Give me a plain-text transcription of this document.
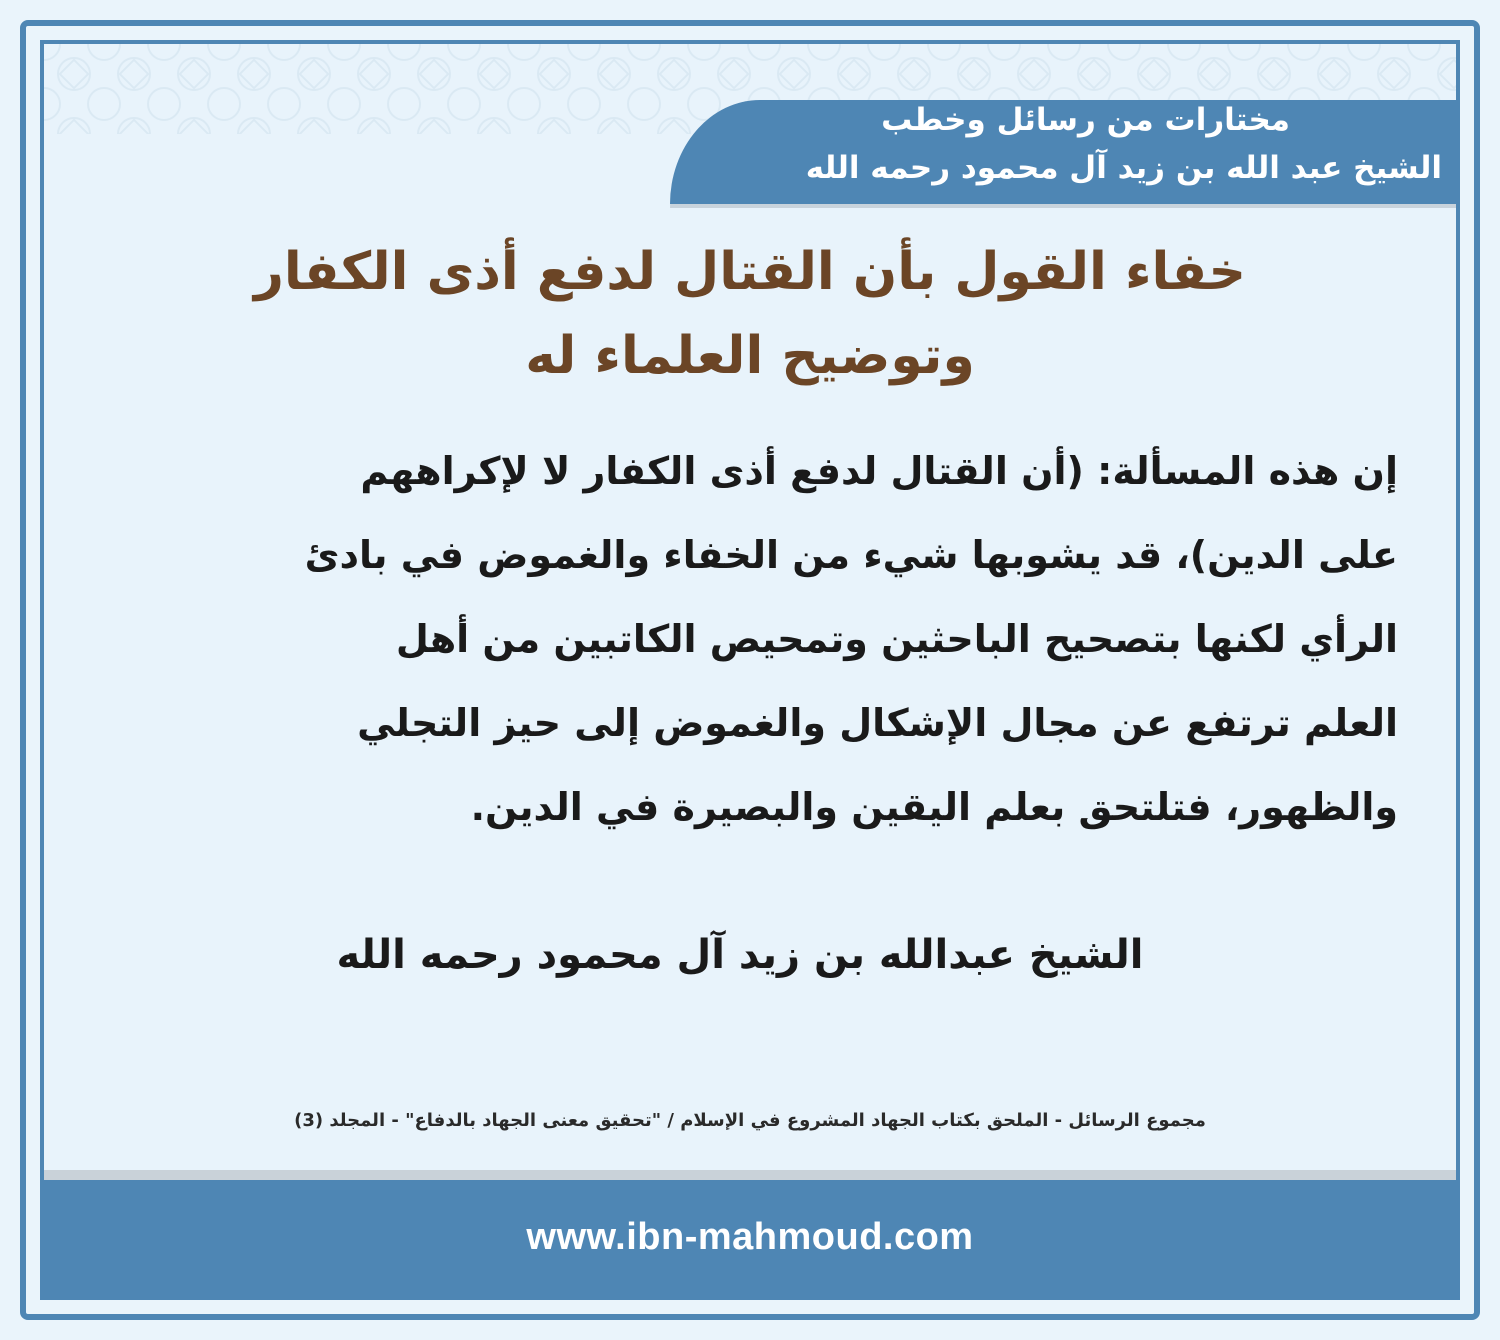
مختارات من رسائل وخطب
الشيخ عبد الله بن زيد آل محمود رحمه الله
خفاء القول بأن القتال لدفع أذى الكفار
وتوضيح العلماء له
إن هذه المسألة: (أن القتال لدفع أذى الكفار لا لإكراههم
على الدين)، قد يشوبها شيء من الخفاء والغموض في بادئ
الرأي لكنها بتصحيح الباحثين وتمحيص الكاتبين من أهل
العلم ترتفع عن مجال الإشكال والغموض إلى حيز التجلي
والظهور، فتلتحق بعلم اليقين والبصيرة في الدين.
الشيخ عبدالله بن زيد آل محمود رحمه الله
مجموع الرسائل - الملحق بكتاب الجهاد المشروع في الإسلام / "تحقيق معنى الجهاد بالدفاع" - المجلد (3)
www.ibn-mahmoud.com
